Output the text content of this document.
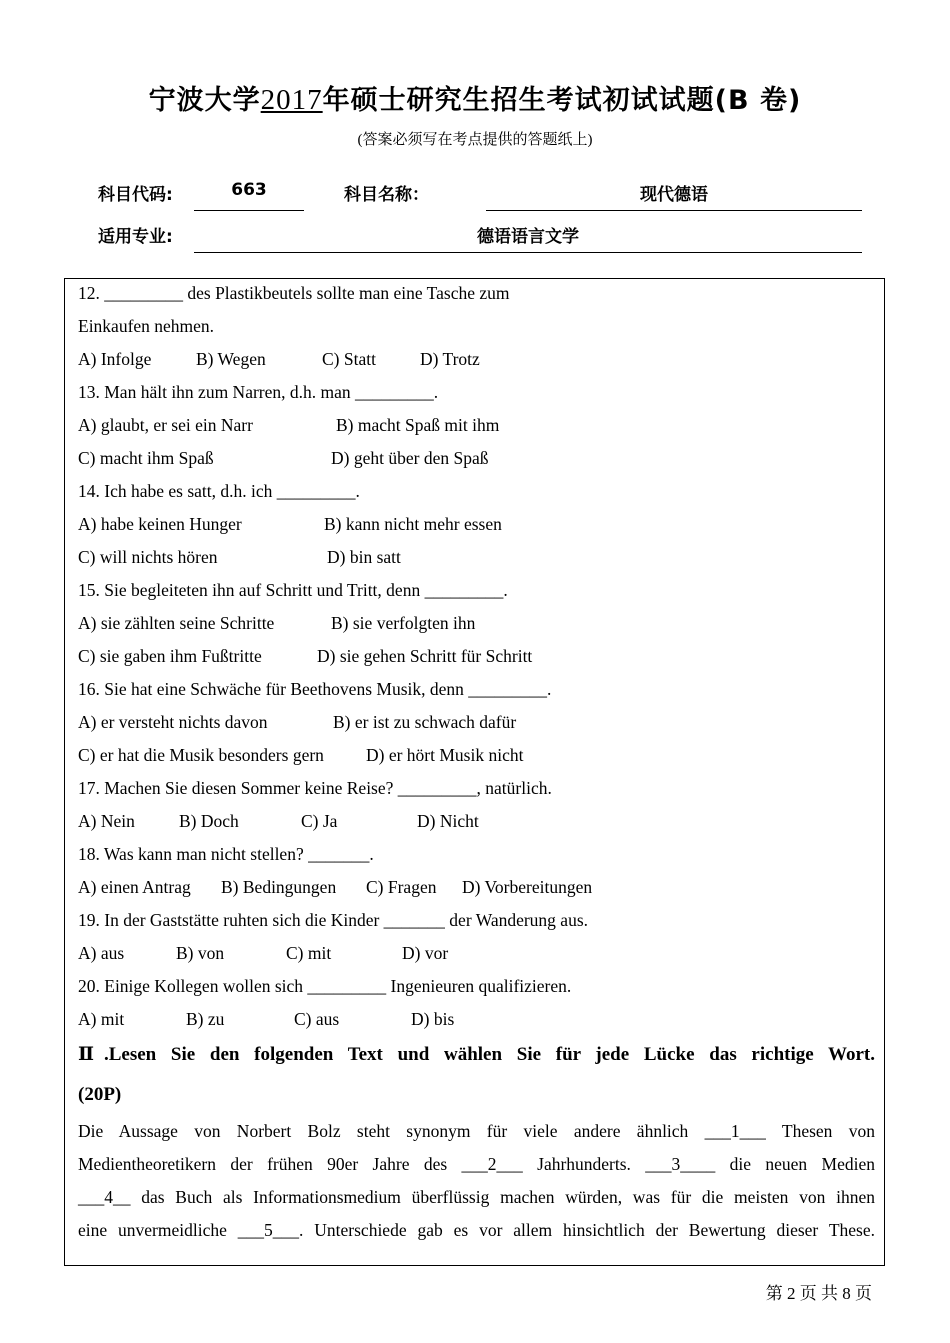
宁波大学2017年硕士研究生招生考试初试试题(B 卷)
(答案必须写在考点提供的答题纸上)
科目代码:	663	科目名称：	现代德语
适用专业:	德语语言文学
12. _________ des Plastikbeutels sollte man eine Tasche zum
Einkaufen nehmen.
A) Infolge	B) Wegen	C) Statt	D) Trotz
13. Man hält ihn zum Narren, d.h. man _________.
A) glaubt, er sei ein Narr	B) macht Spaß mit ihm
C) macht ihm Spaß	D) geht über den Spaß
14. Ich habe es satt, d.h. ich _________.
A) habe keinen Hunger	B) kann nicht mehr essen
C) will nichts hören	D) bin satt
15. Sie begleiteten ihn auf Schritt und Tritt, denn _________.
A) sie zählten seine Schritte	B) sie verfolgten ihn
C) sie gaben ihm Fußtritte	D) sie gehen Schritt für Schritt
16. Sie hat eine Schwäche für Beethovens Musik, denn _________.
A) er versteht nichts davon	B) er ist zu schwach dafür
C) er hat die Musik besonders gern D) er hört Musik nicht
17. Machen Sie diesen Sommer keine Reise? _________, natürlich.
A) Nein	B) Doch	C) Ja	D) Nicht
18. Was kann man nicht stellen? _______.
A) einen Antrag B) Bedingungen C) Fragen D) Vorbereitungen
19. In der Gaststätte ruhten sich die Kinder _______ der Wanderung aus.
A) aus	B) von	C) mit	D) vor
20. Einige Kollegen wollen sich _________ Ingenieuren qualifizieren.
A) mit	B) zu	C) aus	D) bis
Ⅱ.Lesen Sie den folgenden Text und wählen Sie für jede Lücke das richtige Wort.
(20P)
Die Aussage von Norbert Bolz steht synonym für viele andere ähnlich ___1___ Thesen von
Medientheoretikern der frühen 90er Jahre des ___2___ Jahrhunderts. ___3____ die neuen Medien
___4__ das Buch als Informationsmedium überflüssig machen würden, was für die meisten von ihnen
eine unvermeidliche ___5___. Unterschiede gab es vor allem hinsichtlich der Bewertung dieser These.
第 2 页 共 8 页
